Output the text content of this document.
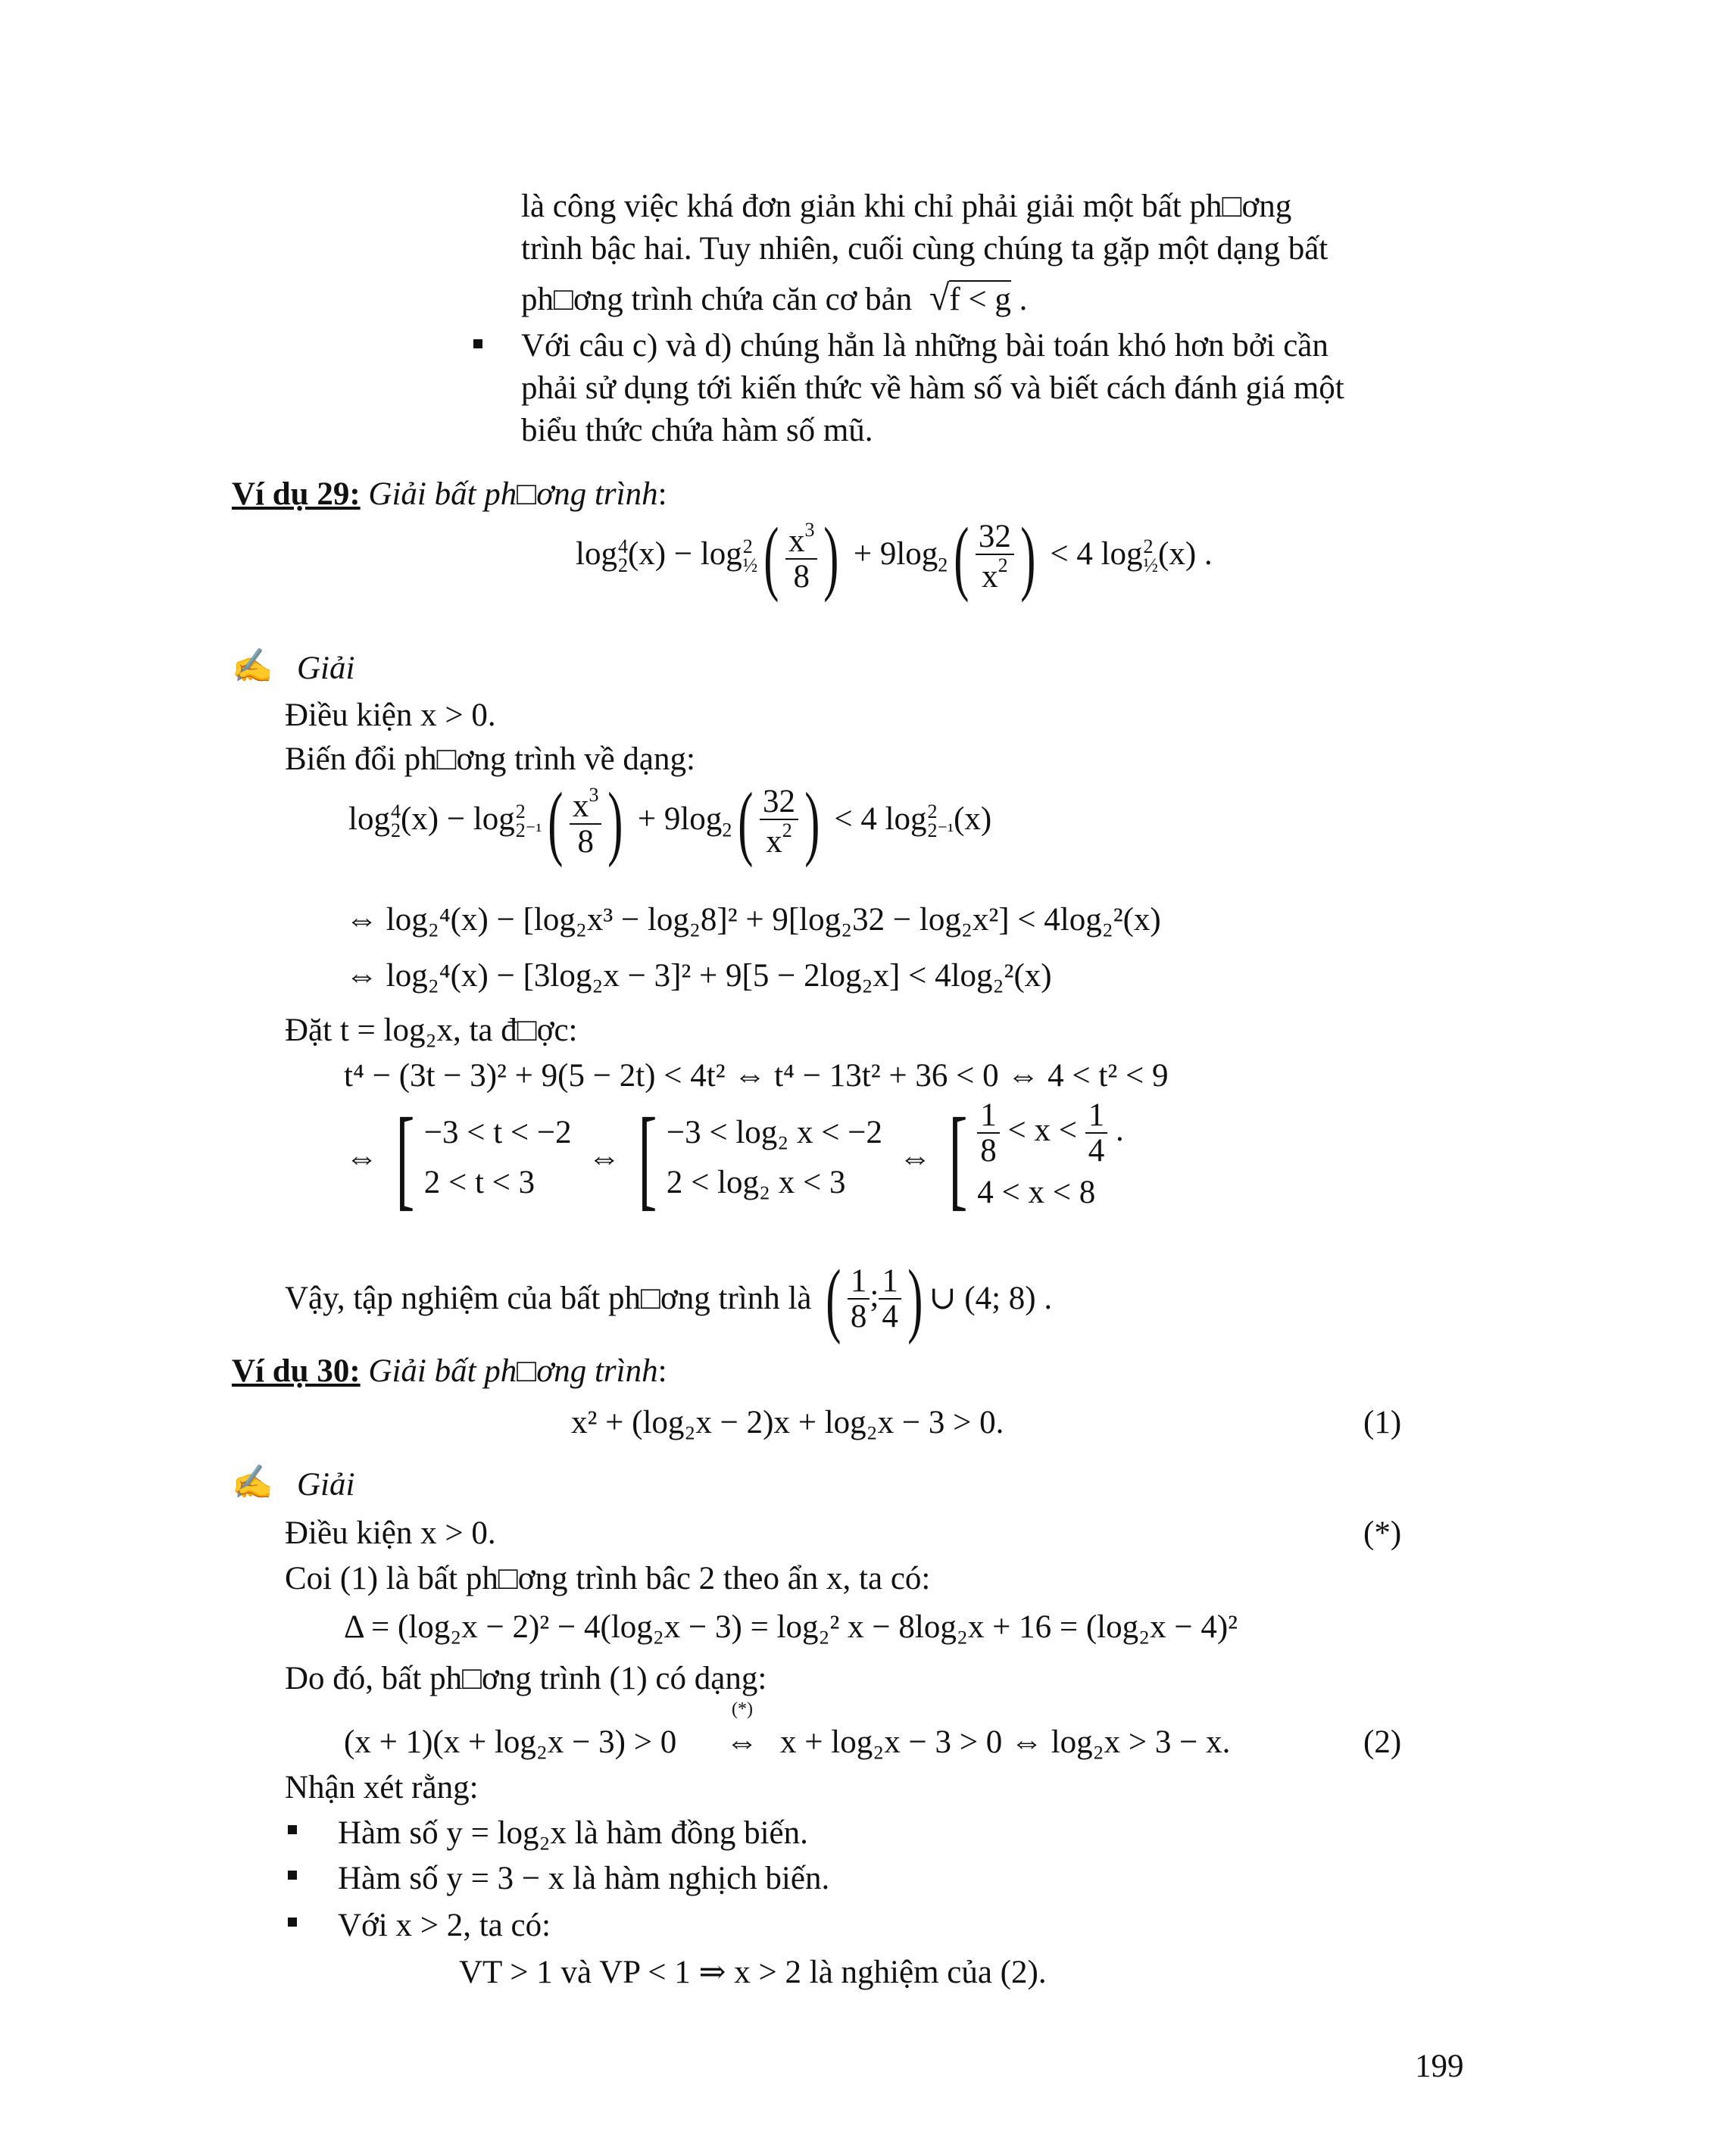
là công việc khá đơn giản khi chỉ phải giải một bất ph□ơng
trình bậc hai. Tuy nhiên, cuối cùng chúng ta gặp một dạng bất
ph□ơng trình chứa căn cơ bản  √f < g .
Với câu c) và d) chúng hẳn là những bài toán khó hơn bởi cần
phải sử dụng tới kiến thức về hàm số và biết cách đánh giá một
biểu thức chứa hàm số mũ.
Ví dụ 29: Giải bất ph□ơng trình:
log 4
2 (x) − log 2
½ ( $\frac{x^3}{8}$ ) + $9\log_2( \frac{32}{x^2}$ ) < 4 log 2
½ (x) .
✍ Giải
Điều kiện x > 0.
Biến đổi ph□ơng trình về dạng:
log 4
2 (x) − log 2
2⁻¹ ( $\frac{x^3}{8}$ ) + $9\log_2( \frac{32}{x^2}$ ) < 4 log 2
2⁻¹ (x)
⇔ log₂⁴(x) − [log₂x³ − log₂8]² + 9[log₂32 − log₂x²] < 4log₂²(x)
⇔ log₂⁴(x) − [3log₂x − 3]² + 9[5 − 2log₂x] < 4log₂²(x)
Đặt t = log₂x, ta đ□ợc:
t⁴ − (3t − 3)² + 9(5 − 2t) < 4t² ⇔ t⁴ − 13t² + 36 < 0 ⇔ 4 < t² < 9
⇔ [ −3 < t < −2
2 < t < 3
⇔ [ −3 < log₂ x < −2
2 < log₂ x < 3
⇔ [ $\frac{1}{8} < x < \frac{1}{4}$ .
4 < x < 8
Vậy, tập nghiệm của bất ph□ơng trình là ( $\frac{1}{8}$ ; $\frac{1}{4}$ ) ∪ (4; 8) .
Ví dụ 30: Giải bất ph□ơng trình:
x² + (log₂x − 2)x + log₂x − 3 > 0.	(1)
✍ Giải
Điều kiện x > 0.	(*)
Coi (1) là bất ph□ơng trình bâc 2 theo ẩn x, ta có:
Δ = (log₂x − 2)² − 4(log₂x − 3) = log₂² x − 8log₂x + 16 = (log₂x − 4)²
Do đó, bất ph□ơng trình (1) có dạng:
(x + 1)(x + log₂x − 3) > 0
(*)
⇔ x + log₂x − 3 > 0 ⇔ log₂x > 3 − x.	(2)
Nhận xét rằng:
Hàm số y = log₂x là hàm đồng biến.
Hàm số y = 3 − x là hàm nghịch biến.
Với x > 2, ta có:
VT > 1 và VP < 1 ⇒ x > 2 là nghiệm của (2).
199
